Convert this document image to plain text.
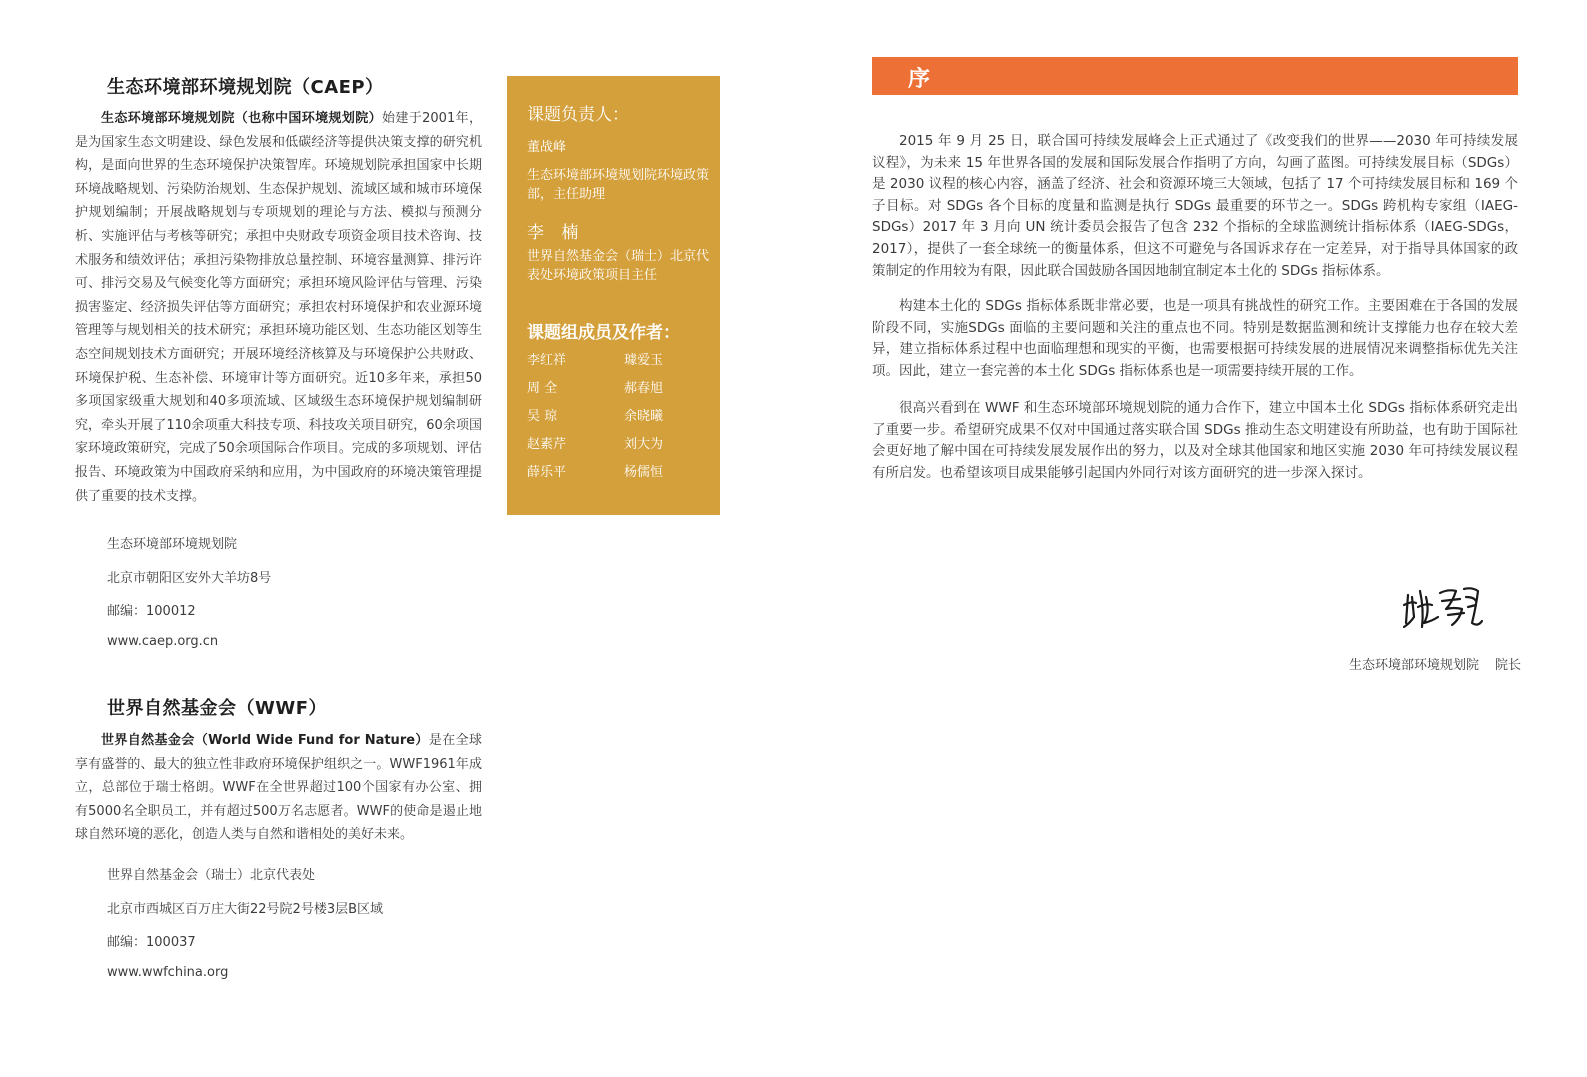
生态环境部环境规划院（CAEP）
生态环境部环境规划院（也称中国环境规划院）始建于2001年，是为国家生态文明建设、绿色发展和低碳经济等提供决策支撑的研究机构，是面向世界的生态环境保护决策智库。环境规划院承担国家中长期环境战略规划、污染防治规划、生态保护规划、流域区域和城市环境保护规划编制；开展战略规划与专项规划的理论与方法、模拟与预测分析、实施评估与考核等研究；承担中央财政专项资金项目技术咨询、技术服务和绩效评估；承担污染物排放总量控制、环境容量测算、排污许可、排污交易及气候变化等方面研究；承担环境风险评估与管理、污染损害鉴定、经济损失评估等方面研究；承担农村环境保护和农业源环境管理等与规划相关的技术研究；承担环境功能区划、生态功能区划等生态空间规划技术方面研究；开展环境经济核算及与环境保护公共财政、环境保护税、生态补偿、环境审计等方面研究。近10多年来，承担50多项国家级重大规划和40多项流域、区域级生态环境保护规划编制研究，牵头开展了110余项重大科技专项、科技攻关项目研究，60余项国家环境政策研究，完成了50余项国际合作项目。完成的多项规划、评估报告、环境政策为中国政府采纳和应用，为中国政府的环境决策管理提供了重要的技术支撑。
生态环境部环境规划院
北京市朝阳区安外大羊坊8号
邮编：100012
www.caep.org.cn
世界自然基金会（WWF）
世界自然基金会（World Wide Fund for Nature）是在全球享有盛誉的、最大的独立性非政府环境保护组织之一。WWF1961年成立，总部位于瑞士格朗。WWF在全世界超过100个国家有办公室、拥有5000名全职员工，并有超过500万名志愿者。WWF的使命是遏止地球自然环境的恶化，创造人类与自然和谐相处的美好未来。
世界自然基金会（瑞士）北京代表处
北京市西城区百万庄大街22号院2号楼3层B区域
邮编：100037
www.wwfchina.org
课题负责人：
董战峰
生态环境部环境规划院环境政策部，主任助理
李 楠
世界自然基金会（瑞士）北京代表处环境政策项目主任
课题组成员及作者：
李红祥	璩爱玉
周 全	郝春旭
吴 琼	余晓曦
赵素芹	刘大为
薛乐平	杨儒恒
序
2015 年 9 月 25 日，联合国可持续发展峰会上正式通过了《改变我们的世界——2030 年可持续发展议程》，为未来 15 年世界各国的发展和国际发展合作指明了方向，勾画了蓝图。可持续发展目标（SDGs）是 2030 议程的核心内容，涵盖了经济、社会和资源环境三大领域，包括了 17 个可持续发展目标和 169 个子目标。对 SDGs 各个目标的度量和监测是执行 SDGs 最重要的环节之一。SDGs 跨机构专家组（IAEG-SDGs）2017 年 3 月向 UN 统计委员会报告了包含 232 个指标的全球监测统计指标体系（IAEG-SDGs，2017），提供了一套全球统一的衡量体系，但这不可避免与各国诉求存在一定差异，对于指导具体国家的政策制定的作用较为有限，因此联合国鼓励各国因地制宜制定本土化的 SDGs 指标体系。
构建本土化的 SDGs 指标体系既非常必要，也是一项具有挑战性的研究工作。主要困难在于各国的发展阶段不同，实施SDGs 面临的主要问题和关注的重点也不同。特别是数据监测和统计支撑能力也存在较大差异，建立指标体系过程中也面临理想和现实的平衡，也需要根据可持续发展的进展情况来调整指标优先关注项。因此，建立一套完善的本土化 SDGs 指标体系也是一项需要持续开展的工作。
很高兴看到在 WWF 和生态环境部环境规划院的通力合作下，建立中国本土化 SDGs 指标体系研究走出了重要一步。希望研究成果不仅对中国通过落实联合国 SDGs 推动生态文明建设有所助益，也有助于国际社会更好地了解中国在可持续发展发展作出的努力，以及对全球其他国家和地区实施 2030 年可持续发展议程有所启发。也希望该项目成果能够引起国内外同行对该方面研究的进一步深入探讨。
生态环境部环境规划院 院长
